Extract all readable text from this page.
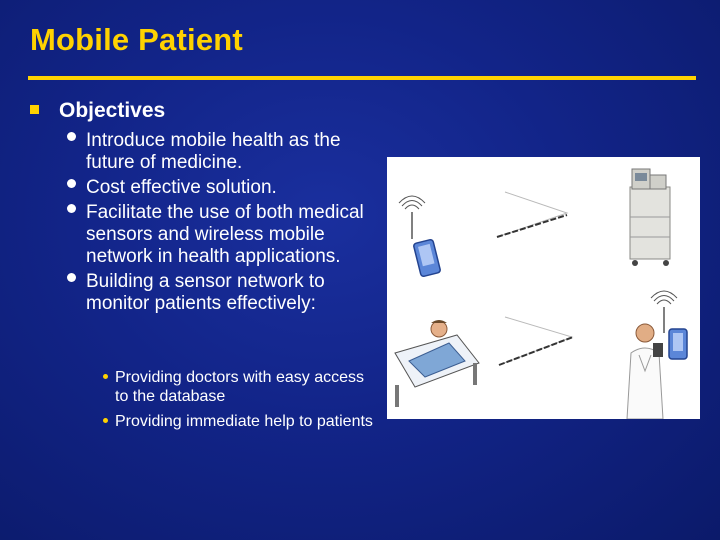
Mobile Patient
Objectives
Introduce mobile health as the future of medicine.
Cost effective solution.
Facilitate the use of both medical sensors and wireless mobile network in health applications.
Building a sensor network to monitor patients effectively:
Providing doctors with easy access to the database
Providing immediate help to patients
